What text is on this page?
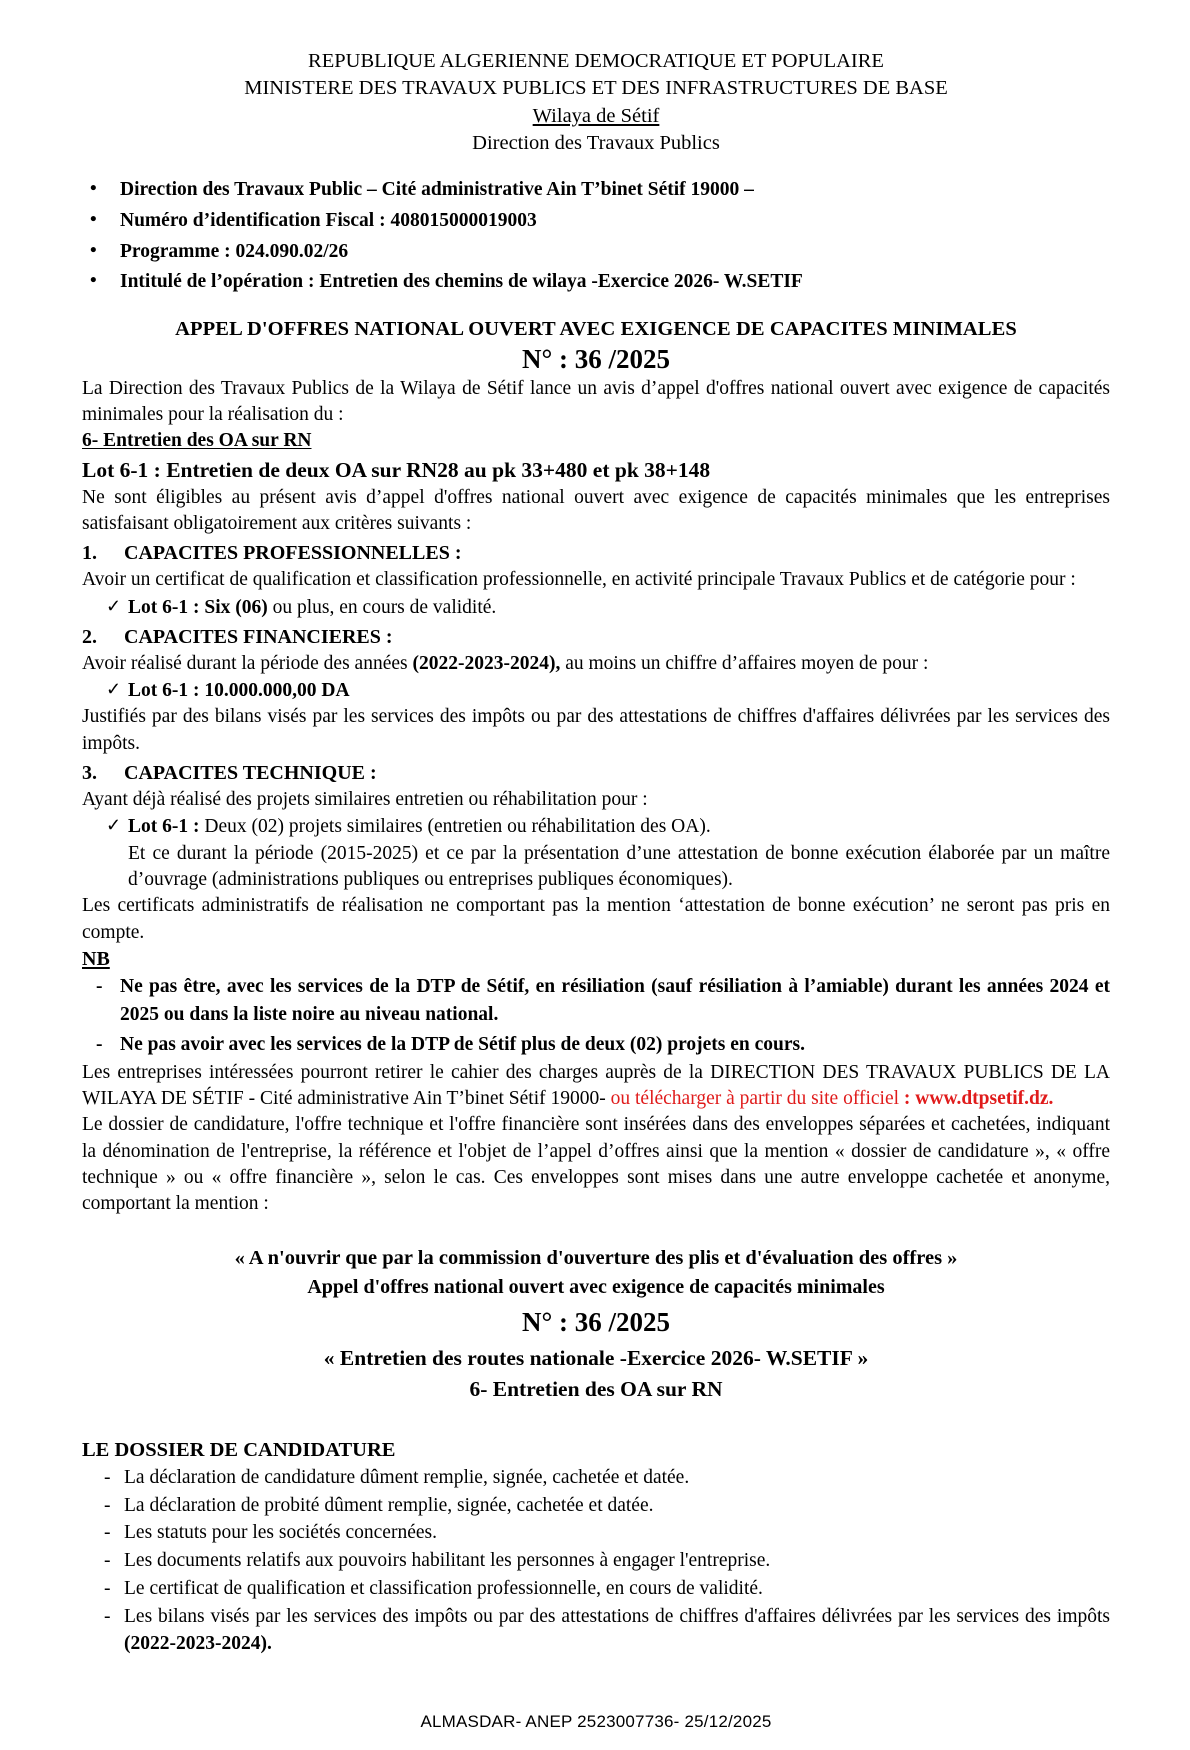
REPUBLIQUE ALGERIENNE DEMOCRATIQUE ET POPULAIRE
MINISTERE DES TRAVAUX PUBLICS ET DES INFRASTRUCTURES DE BASE
Wilaya de Sétif
Direction des Travaux Publics
• Direction des Travaux Public – Cité administrative Ain T’binet Sétif 19000 –
• Numéro d’identification Fiscal : 408015000019003
• Programme : 024.090.02/26
• Intitulé de l’opération : Entretien des chemins de wilaya -Exercice 2026- W.SETIF
APPEL D'OFFRES NATIONAL OUVERT AVEC EXIGENCE DE CAPACITES MINIMALES
N° : 36 /2025

La Direction des Travaux Publics de la Wilaya de Sétif lance un avis d’appel d'offres national ouvert avec exigence de capacités minimales pour la réalisation du :

6- Entretien des OA sur RN

Lot 6-1 : Entretien de deux OA sur RN28 au pk 33+480 et pk 38+148

Ne sont éligibles au présent avis d’appel d'offres national ouvert avec exigence de capacités minimales que les entreprises satisfaisant obligatoirement aux critères suivants :

1. CAPACITES PROFESSIONNELLES :

Avoir un certificat de qualification et classification professionnelle, en activité principale Travaux Publics et de catégorie pour :

✓ Lot 6-1 : Six (06) ou plus, en cours de validité.

2. CAPACITES FINANCIERES :

Avoir réalisé durant la période des années (2022-2023-2024), au moins un chiffre d’affaires moyen de pour :

✓ Lot 6-1 : 10.000.000,00 DA

Justifiés par des bilans visés par les services des impôts ou par des attestations de chiffres d'affaires délivrées par les services des impôts.

3. CAPACITES TECHNIQUE :

Ayant déjà réalisé des projets similaires entretien ou réhabilitation pour :

✓ Lot 6-1 : Deux (02) projets similaires (entretien ou réhabilitation des OA).

Et ce durant la période (2015-2025) et ce par la présentation d’une attestation de bonne exécution élaborée par un maître d’ouvrage (administrations publiques ou entreprises publiques économiques).

Les certificats administratifs de réalisation ne comportant pas la mention ‘attestation de bonne exécution’ ne seront pas pris en compte.

NB
- Ne pas être, avec les services de la DTP de Sétif, en résiliation (sauf résiliation à l’amiable) durant les années 2024 et 2025 ou dans la liste noire au niveau national.
- Ne pas avoir avec les services de la DTP de Sétif plus de deux (02) projets en cours.

Les entreprises intéressées pourront retirer le cahier des charges auprès de la DIRECTION DES TRAVAUX PUBLICS DE LA WILAYA DE SÉTIF - Cité administrative Ain T’binet Sétif 19000- ou télécharger à partir du site officiel : www.dtpsetif.dz.

Le dossier de candidature, l'offre technique et l'offre financière sont insérées dans des enveloppes séparées et cachetées, indiquant la dénomination de l'entreprise, la référence et l'objet de l’appel d’offres ainsi que la mention « dossier de candidature », « offre technique » ou « offre financière », selon le cas. Ces enveloppes sont mises dans une autre enveloppe cachetée et anonyme, comportant la mention :

« A n'ouvrir que par la commission d'ouverture des plis et d'évaluation des offres »
Appel d'offres national ouvert avec exigence de capacités minimales
N° : 36 /2025
« Entretien des routes nationale -Exercice 2026- W.SETIF »
6- Entretien des OA sur RN
LE DOSSIER DE CANDIDATURE
- La déclaration de candidature dûment remplie, signée, cachetée et datée.
- La déclaration de probité dûment remplie, signée, cachetée et datée.
- Les statuts pour les sociétés concernées.
- Les documents relatifs aux pouvoirs habilitant les personnes à engager l'entreprise.
- Le certificat de qualification et classification professionnelle, en cours de validité.
- Les bilans visés par les services des impôts ou par des attestations de chiffres d'affaires délivrées par les services des impôts (2022-2023-2024).
ALMASDAR- ANEP 2523007736- 25/12/2025
